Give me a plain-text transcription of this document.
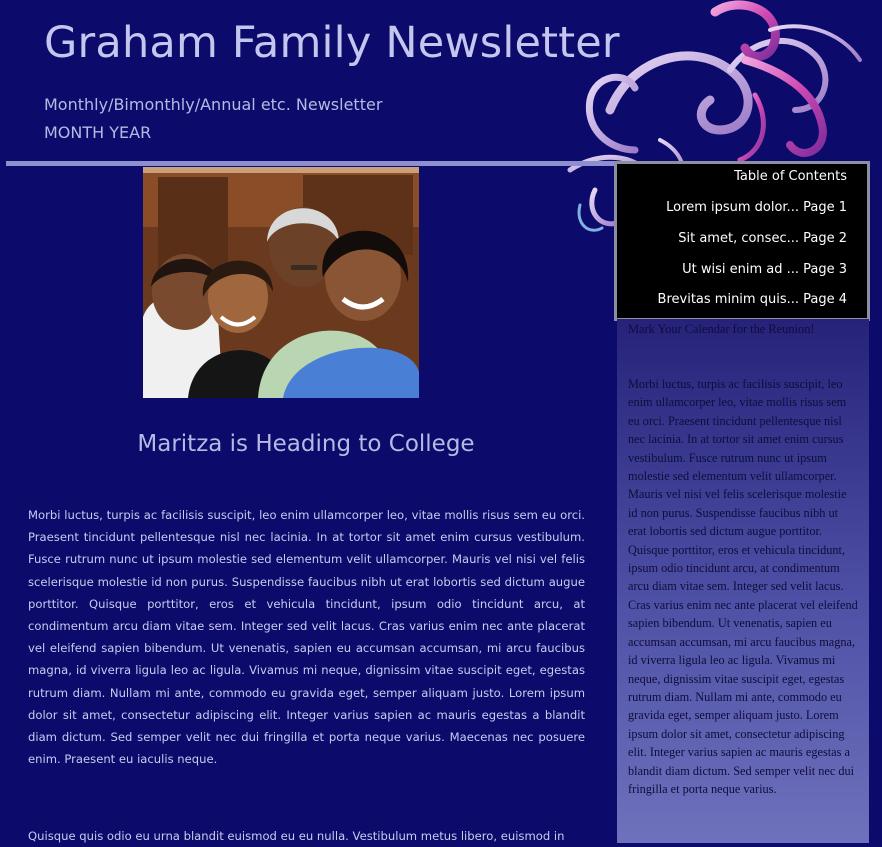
Graham Family Newsletter
Monthly/Bimonthly/Annual etc. Newsletter
MONTH YEAR
Maritza is Heading to College
Morbi luctus, turpis ac facilisis suscipit, leo enim ullamcorper leo, vitae mollis risus sem eu orci. Praesent tincidunt pellentesque nisl nec lacinia. In at tortor sit amet enim cursus vestibulum. Fusce rutrum nunc ut ipsum molestie sed elementum velit ullamcorper. Mauris vel nisi vel felis scelerisque molestie id non purus. Suspendisse faucibus nibh ut erat lobortis sed dictum augue porttitor. Quisque porttitor, eros et vehicula tincidunt, ipsum odio tincidunt arcu, at condimentum arcu diam vitae sem. Integer sed velit lacus. Cras varius enim nec ante placerat vel eleifend sapien bibendum. Ut venenatis, sapien eu accumsan accumsan, mi arcu faucibus magna, id viverra ligula leo ac ligula. Vivamus mi neque, dignissim vitae suscipit eget, egestas rutrum diam. Nullam mi ante, commodo eu gravida eget, semper aliquam justo. Lorem ipsum dolor sit amet, consectetur adipiscing elit. Integer varius sapien ac mauris egestas a blandit diam dictum. Sed semper velit nec dui fringilla et porta neque varius. Maecenas nec posuere enim. Praesent eu iaculis neque.
Quisque quis odio eu urna blandit euismod eu eu nulla. Vestibulum metus libero, euismod in
Table of Contents
Lorem ipsum dolor... Page 1
Sit amet, consec... Page 2
Ut wisi enim ad ... Page 3
Brevitas minim quis... Page 4
Mark Your Calendar for the Reunion!
Morbi luctus, turpis ac facilisis suscipit, leo enim ullamcorper leo, vitae mollis risus sem eu orci. Praesent tincidunt pellentesque nisl nec lacinia. In at tortor sit amet enim cursus vestibulum. Fusce rutrum nunc ut ipsum molestie sed elementum velit ullamcorper. Mauris vel nisi vel felis scelerisque molestie id non purus. Suspendisse faucibus nibh ut erat lobortis sed dictum augue porttitor. Quisque porttitor, eros et vehicula tincidunt, ipsum odio tincidunt arcu, at condimentum arcu diam vitae sem. Integer sed velit lacus. Cras varius enim nec ante placerat vel eleifend sapien bibendum. Ut venenatis, sapien eu accumsan accumsan, mi arcu faucibus magna, id viverra ligula leo ac ligula. Vivamus mi neque, dignissim vitae suscipit eget, egestas rutrum diam. Nullam mi ante, commodo eu gravida eget, semper aliquam justo. Lorem ipsum dolor sit amet, consectetur adipiscing elit. Integer varius sapien ac mauris egestas a blandit diam dictum. Sed semper velit nec dui fringilla et porta neque varius.
